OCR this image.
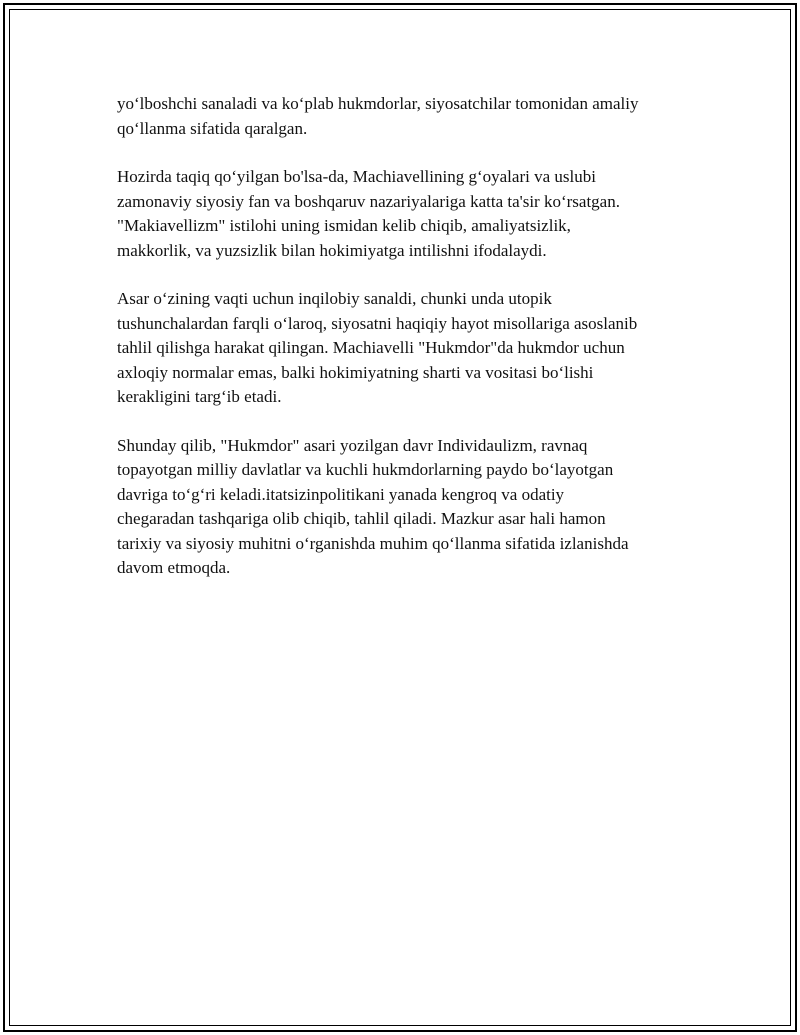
yo‘lboshchi sanaladi va ko‘plab hukmdorlar, siyosatchilar tomonidan amaliy
qo‘llanma sifatida qaralgan.

Hozirda taqiq qo‘yilgan bo'lsa-da, Machiavellining g‘oyalari va uslubi
zamonaviy siyosiy fan va boshqaruv nazariyalariga katta ta'sir ko‘rsatgan.
"Makiavellizm" istilohi uning ismidan kelib chiqib, amaliyatsizlik,
makkorlik, va yuzsizlik bilan hokimiyatga intilishni ifodalaydi.

Asar o‘zining vaqti uchun inqilobiy sanaldi, chunki unda utopik
tushunchalardan farqli o‘laroq, siyosatni haqiqiy hayot misollariga asoslanib
tahlil qilishga harakat qilingan. Machiavelli "Hukmdor"da hukmdor uchun
axloqiy normalar emas, balki hokimiyatning sharti va vositasi bo‘lishi
kerakligini targ‘ib etadi.

Shunday qilib, "Hukmdor" asari yozilgan davr Individaulizm, ravnaq
topayotgan milliy davlatlar va kuchli hukmdorlarning paydo bo‘layotgan
davriga to‘g‘ri keladi.itatsizinpolitikani yanada kengroq va odatiy
chegaradan tashqariga olib chiqib, tahlil qiladi. Mazkur asar hali hamon
tarixiy va siyosiy muhitni o‘rganishda muhim qo‘llanma sifatida izlanishda
davom etmoqda.
